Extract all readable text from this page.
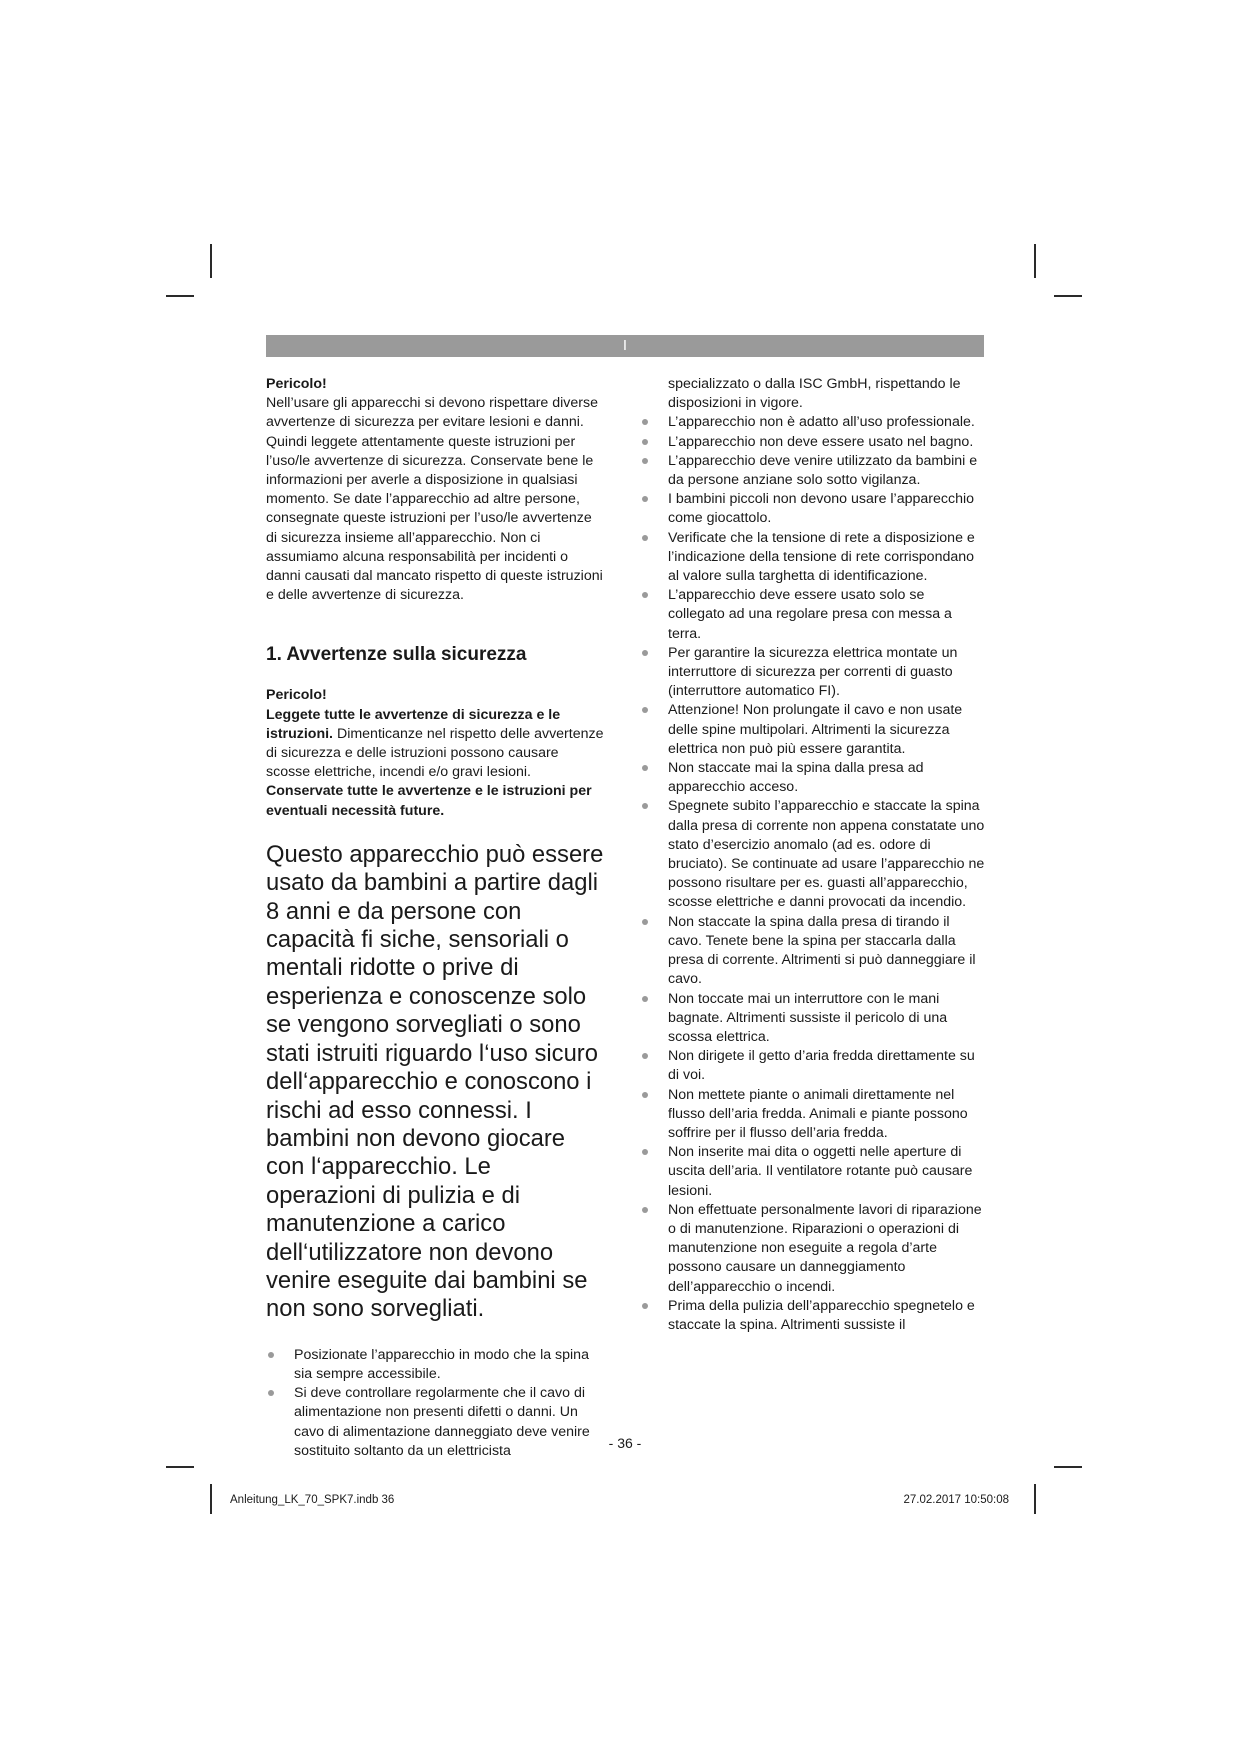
I

Pericolo!

Nell’usare gli apparecchi si devono rispettare diverse avvertenze di sicurezza per evitare lesioni e danni. Quindi leggete attentamente queste istruzioni per l’uso/le avvertenze di sicurezza. Conservate bene le informazioni per averle a disposizione in qualsiasi momento. Se date l’apparecchio ad altre persone, consegnate queste istruzioni per l’uso/le avvertenze di sicurezza insieme all’apparecchio. Non ci assumiamo alcuna responsabilità per incidenti o danni causati dal mancato rispetto di queste istruzioni e delle avvertenze di sicurezza.

1. Avvertenze sulla sicurezza

Pericolo!

Leggete tutte le avvertenze di sicurezza e le istruzioni. Dimenticanze nel rispetto delle avvertenze di sicurezza e delle istruzioni possono causare scosse elettriche, incendi e/o gravi lesioni.

Conservate tutte le avvertenze e le istruzioni per eventuali necessità future.

Questo apparecchio può essere usato da bambini a partire dagli 8 anni e da persone con capacità fi siche, sensoriali o mentali ridotte o prive di esperienza e conoscenze solo se vengono sorvegliati o sono stati istruiti riguardo l‘uso sicuro dell‘apparecchio e conoscono i rischi ad esso connessi. I bambini non devono giocare con l‘apparecchio. Le operazioni di pulizia e di manutenzione a carico dell‘utilizzatore non devono venire eseguite dai bambini se non sono sorvegliati.

Posizionate l’apparecchio in modo che la spina sia sempre accessibile.
Si deve controllare regolarmente che il cavo di alimentazione non presenti difetti o danni. Un cavo di alimentazione danneggiato deve venire sostituito soltanto da un elettricista

specializzato o dalla ISC GmbH, rispettando le disposizioni in vigore.

L’apparecchio non è adatto all’uso professionale.
L’apparecchio non deve essere usato nel bagno.
L’apparecchio deve venire utilizzato da bambini e da persone anziane solo sotto vigilanza.
I bambini piccoli non devono usare l’apparecchio come giocattolo.
Verificate che la tensione di rete a disposizione e l’indicazione della tensione di rete corrispondano al valore sulla targhetta di identificazione.
L’apparecchio deve essere usato solo se collegato ad una regolare presa con messa a terra.
Per garantire la sicurezza elettrica montate un interruttore di sicurezza per correnti di guasto (interruttore automatico FI).
Attenzione! Non prolungate il cavo e non usate delle spine multipolari. Altrimenti la sicurezza elettrica non può più essere garantita.
Non staccate mai la spina dalla presa ad apparecchio acceso.
Spegnete subito l’apparecchio e staccate la spina dalla presa di corrente non appena constatate uno stato d’esercizio anomalo (ad es. odore di bruciato). Se continuate ad usare l’apparecchio ne possono risultare per es. guasti all’apparecchio, scosse elettriche e danni provocati da incendio.
Non staccate la spina dalla presa di tirando il cavo. Tenete bene la spina per staccarla dalla presa di corrente. Altrimenti si può danneggiare il cavo.
Non toccate mai un interruttore con le mani bagnate. Altrimenti sussiste il pericolo di una scossa elettrica.
Non dirigete il getto d’aria fredda direttamente su di voi.
Non mettete piante o animali direttamente nel flusso dell’aria fredda. Animali e piante possono soffrire per il flusso dell’aria fredda.
Non inserite mai dita o oggetti nelle aperture di uscita dell’aria. Il ventilatore rotante può causare lesioni.
Non effettuate personalmente lavori di riparazione o di manutenzione. Riparazioni o operazioni di manutenzione non eseguite a regola d’arte possono causare un danneggiamento dell’apparecchio o incendi.
Prima della pulizia dell’apparecchio spegnetelo e staccate la spina. Altrimenti sussiste il
- 36 -
Anleitung_LK_70_SPK7.indb 36	27.02.2017 10:50:08
